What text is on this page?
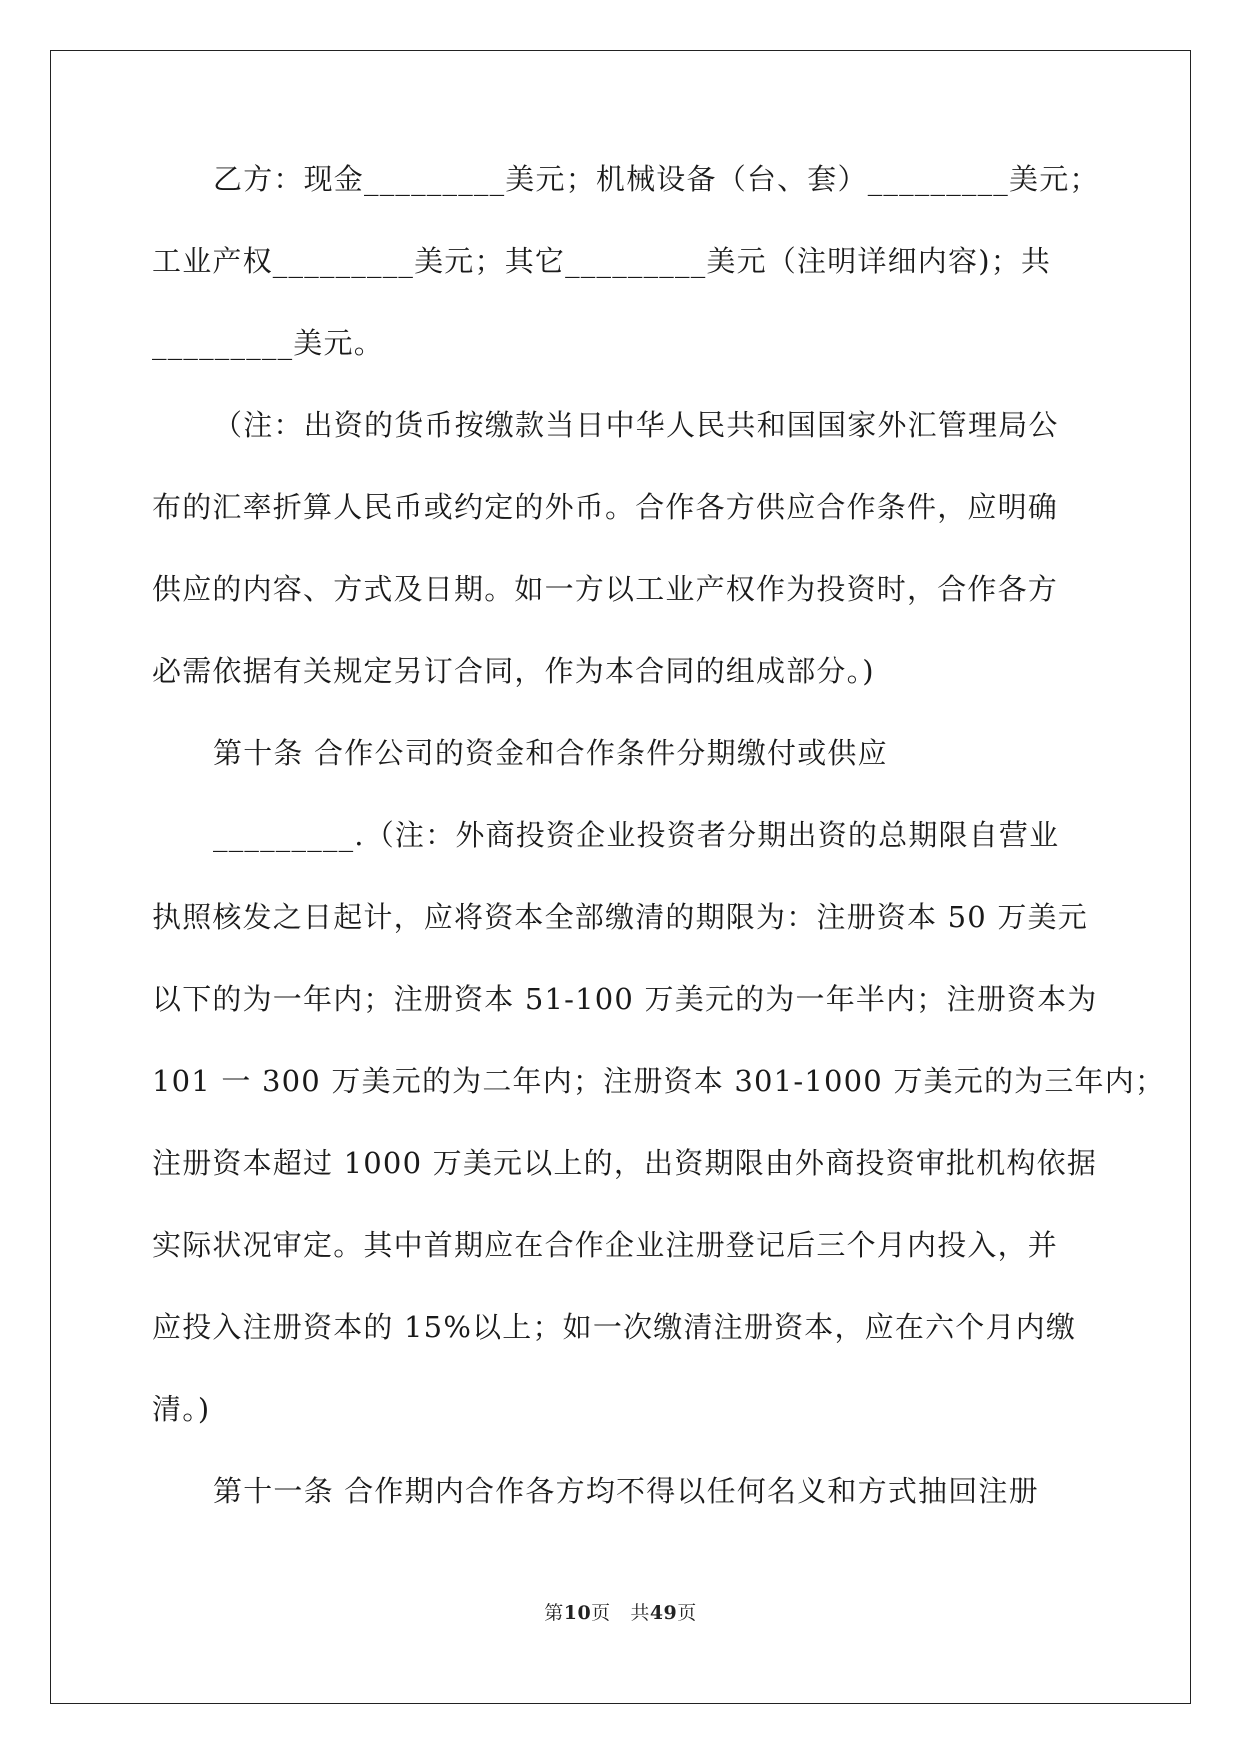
乙方：现金_________美元；机械设备（台、套）_________美元；
工业产权_________美元；其它_________美元（注明详细内容)；共
_________美元。
（注：出资的货币按缴款当日中华人民共和国国家外汇管理局公
布的汇率折算人民币或约定的外币。合作各方供应合作条件，应明确
供应的内容、方式及日期。如一方以工业产权作为投资时，合作各方
必需依据有关规定另订合同，作为本合同的组成部分。)
第十条 合作公司的资金和合作条件分期缴付或供应
_________.（注：外商投资企业投资者分期出资的总期限自营业
执照核发之日起计，应将资本全部缴清的期限为：注册资本 50 万美元
以下的为一年内；注册资本 51-100 万美元的为一年半内；注册资本为
101 一 300 万美元的为二年内；注册资本 301-1000 万美元的为三年内；
注册资本超过 1000 万美元以上的，出资期限由外商投资审批机构依据
实际状况审定。其中首期应在合作企业注册登记后三个月内投入，并
应投入注册资本的 15%以上；如一次缴清注册资本，应在六个月内缴
清。)
第十一条 合作期内合作各方均不得以任何名义和方式抽回注册
第10页 共49页
